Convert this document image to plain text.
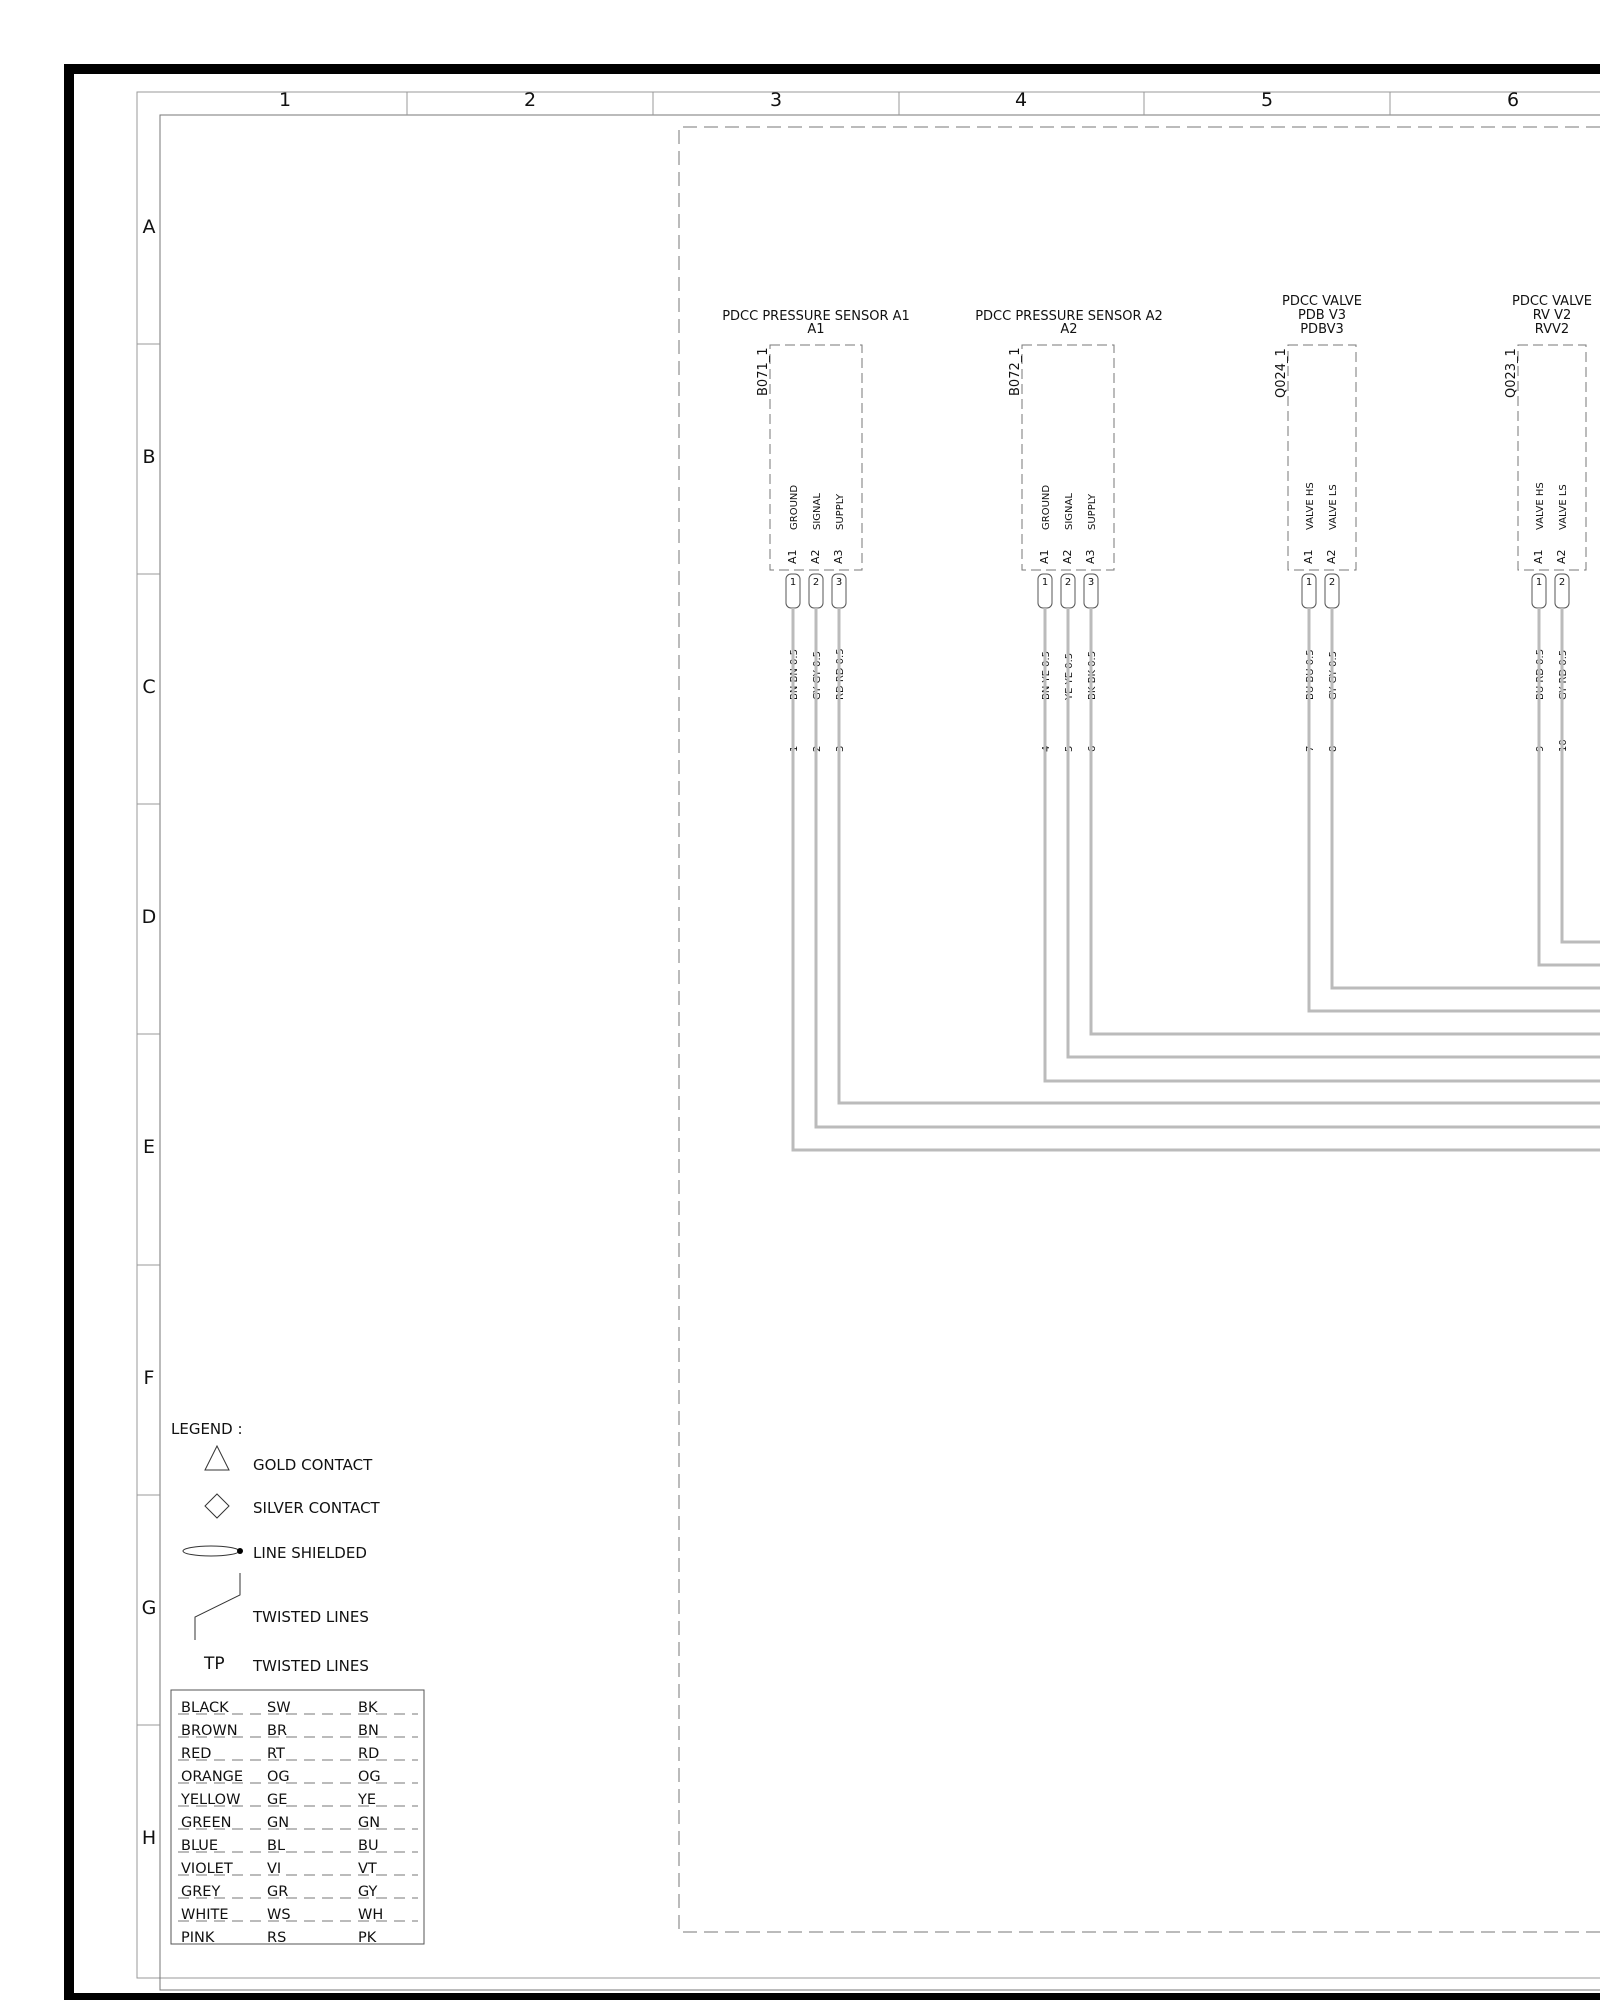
1	2	3	4	5	6
A
B
C
D
E
F
G
H
PDCC PRESSURE SENSOR A1
A1
B071_1
GROUND SIGNAL SUPPLY
A1 A2 A3
1 2 3
BN BN 0.5 GY GY 0.5 RD RD 0.5
1 2 3
PDCC PRESSURE SENSOR A2
A2
B072_1
GROUND SIGNAL SUPPLY
A1 A2 A3
1 2 3
BN YE 0.5 YE YE 0.5 BK BK 0.5
4 5 6
PDCC VALVE
PDB V3
PDBV3
Q024_1
VALVE HS VALVE LS
A1 A2
1 2
BU BU 0.5 GY GY 0.5
7 8
PDCC VALVE
RV V2
RVV2
Q023_1
VALVE HS VALVE LS
A1 A2
1 2
BU RD 0.5 GY RD 0.5
9 10
LEGEND :
GOLD CONTACT
SILVER CONTACT
LINE SHIELDED
TWISTED LINES
TP TWISTED LINES
BLACK	SW	BK
BROWN BR	BN
RED	RT	RD
ORANGE OG	OG
YELLOW GE	YE
GREEN GN	GN
BLUE	BL	BU
VIOLET VI	VT
GREY	GR	GY
WHITE	WS	WH
PINK	RS	PK
